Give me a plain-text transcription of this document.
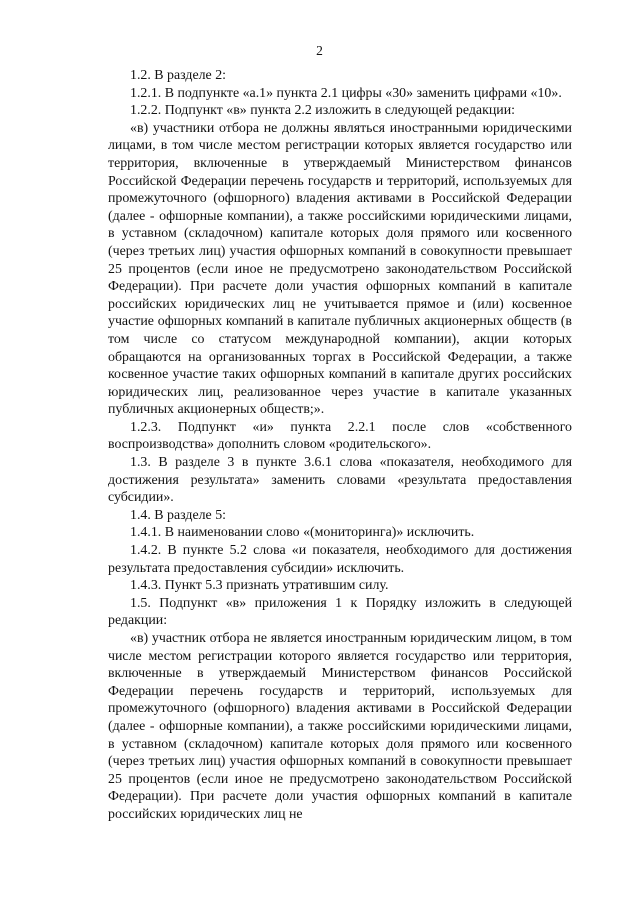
2

1.2. В разделе 2:

1.2.1. В подпункте «а.1» пункта 2.1 цифры «30» заменить цифрами «10».

1.2.2. Подпункт «в» пункта 2.2 изложить в следующей редакции:

«в) участники отбора не должны являться иностранными юридическими лицами, в том числе местом регистрации которых является государство или территория, включенные в утверждаемый Министерством финансов Российской Федерации перечень государств и территорий, используемых для промежуточного (офшорного) владения активами в Российской Федерации (далее - офшорные компании), а также российскими юридическими лицами, в уставном (складочном) капитале которых доля прямого или косвенного (через третьих лиц) участия офшорных компаний в совокупности превышает 25 процентов (если иное не предусмотрено законодательством Российской Федерации). При расчете доли участия офшорных компаний в капитале российских юридических лиц не учитывается прямое и (или) косвенное участие офшорных компаний в капитале публичных акционерных обществ (в том числе со статусом международной компании), акции которых обращаются на организованных торгах в Российской Федерации, а также косвенное участие таких офшорных компаний в капитале других российских юридических лиц, реализованное через участие в капитале указанных публичных акционерных обществ;».

1.2.3. Подпункт «и» пункта 2.2.1 после слов «собственного воспроизводства» дополнить словом «родительского».

1.3. В разделе 3 в пункте 3.6.1 слова «показателя, необходимого для достижения результата» заменить словами «результата предоставления субсидии».

1.4. В разделе 5:

1.4.1. В наименовании слово «(мониторинга)» исключить.

1.4.2. В пункте 5.2 слова «и показателя, необходимого для достижения результата предоставления субсидии» исключить.

1.4.3. Пункт 5.3 признать утратившим силу.

1.5. Подпункт «в» приложения 1 к Порядку изложить в следующей редакции:

«в) участник отбора не является иностранным юридическим лицом, в том числе местом регистрации которого является государство или территория, включенные в утверждаемый Министерством финансов Российской Федерации перечень государств и территорий, используемых для промежуточного (офшорного) владения активами в Российской Федерации (далее - офшорные компании), а также российскими юридическими лицами, в уставном (складочном) капитале которых доля прямого или косвенного (через третьих лиц) участия офшорных компаний в совокупности превышает 25 процентов (если иное не предусмотрено законодательством Российской Федерации). При расчете доли участия офшорных компаний в капитале российских юридических лиц не
